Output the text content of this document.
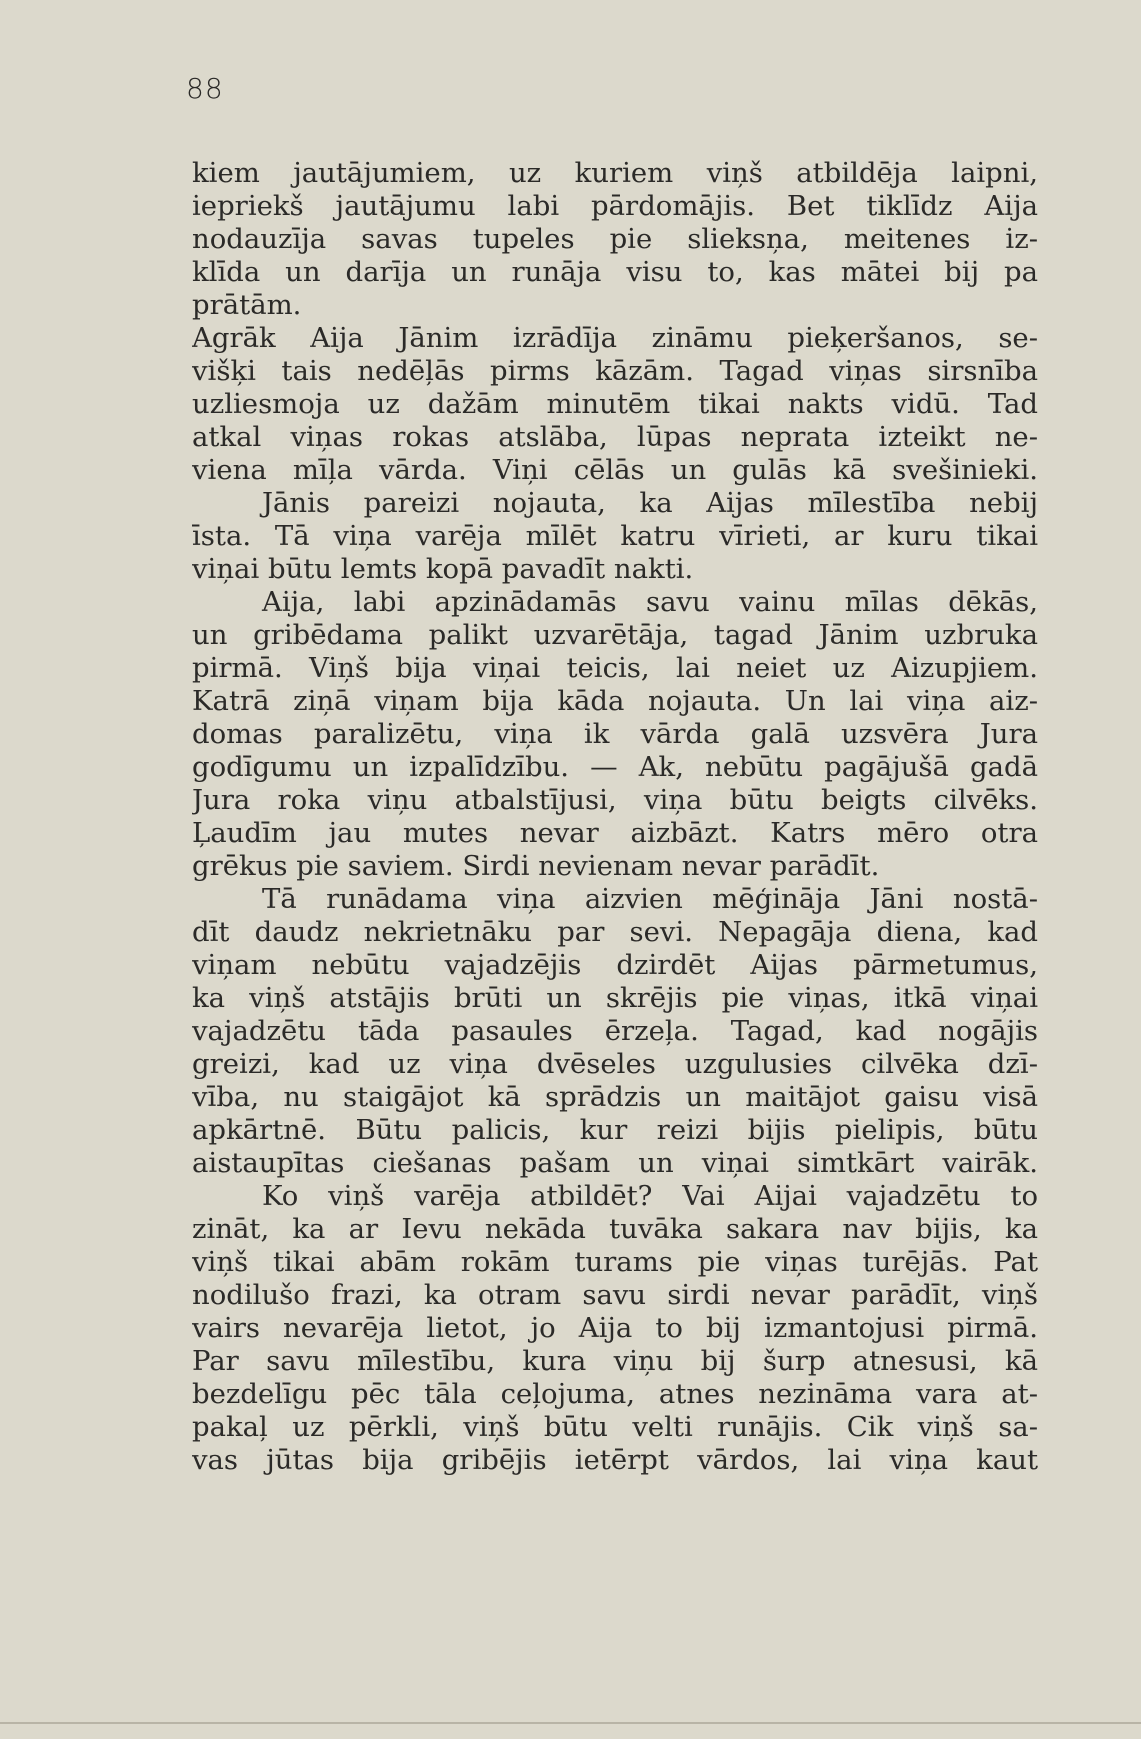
88
kiem jautājumiem, uz kuriem viņš atbildēja laipni,
iepriekš jautājumu labi pārdomājis. Bet tiklīdz Aija
nodauzīja savas tupeles pie slieksņa, meitenes iz-
klīda un darīja un runāja visu to, kas mātei bij pa
prātām.
Agrāk Aija Jānim izrādīja zināmu pieķeršanos, se-
višķi tais nedēļās pirms kāzām. Tagad viņas sirsnība
uzliesmoja uz dažām minutēm tikai nakts vidū. Tad
atkal viņas rokas atslāba, lūpas neprata izteikt ne-
viena mīļa vārda. Viņi cēlās un gulās kā svešinieki.
Jānis pareizi nojauta, ka Aijas mīlestība nebij
īsta. Tā viņa varēja mīlēt katru vīrieti, ar kuru tikai
viņai būtu lemts kopā pavadīt nakti.
Aija, labi apzinādamās savu vainu mīlas dēkās,
un gribēdama palikt uzvarētāja, tagad Jānim uzbruka
pirmā. Viņš bija viņai teicis, lai neiet uz Aizupjiem.
Katrā ziņā viņam bija kāda nojauta. Un lai viņa aiz-
domas paralizētu, viņa ik vārda galā uzsvēra Jura
godīgumu un izpalīdzību. — Ak, nebūtu pagājušā gadā
Jura roka viņu atbalstījusi, viņa būtu beigts cilvēks.
Ļaudīm jau mutes nevar aizbāzt. Katrs mēro otra
grēkus pie saviem. Sirdi nevienam nevar parādīt.
Tā runādama viņa aizvien mēģināja Jāni nostā-
dīt daudz nekrietnāku par sevi. Nepagāja diena, kad
viņam nebūtu vajadzējis dzirdēt Aijas pārmetumus,
ka viņš atstājis brūti un skrējis pie viņas, itkā viņai
vajadzētu tāda pasaules ērzeļa. Tagad, kad nogājis
greizi, kad uz viņa dvēseles uzgulusies cilvēka dzī-
vība, nu staigājot kā sprādzis un maitājot gaisu visā
apkārtnē. Būtu palicis, kur reizi bijis pielipis, būtu
aistaupītas ciešanas pašam un viņai simtkārt vairāk.
Ko viņš varēja atbildēt? Vai Aijai vajadzētu to
zināt, ka ar Ievu nekāda tuvāka sakara nav bijis, ka
viņš tikai abām rokām turams pie viņas turējās. Pat
nodilušo frazi, ka otram savu sirdi nevar parādīt, viņš
vairs nevarēja lietot, jo Aija to bij izmantojusi pirmā.
Par savu mīlestību, kura viņu bij šurp atnesusi, kā
bezdelīgu pēc tāla ceļojuma, atnes nezināma vara at-
pakaļ uz pērkli, viņš būtu velti runājis. Cik viņš sa-
vas jūtas bija gribējis ietērpt vārdos, lai viņa kaut
